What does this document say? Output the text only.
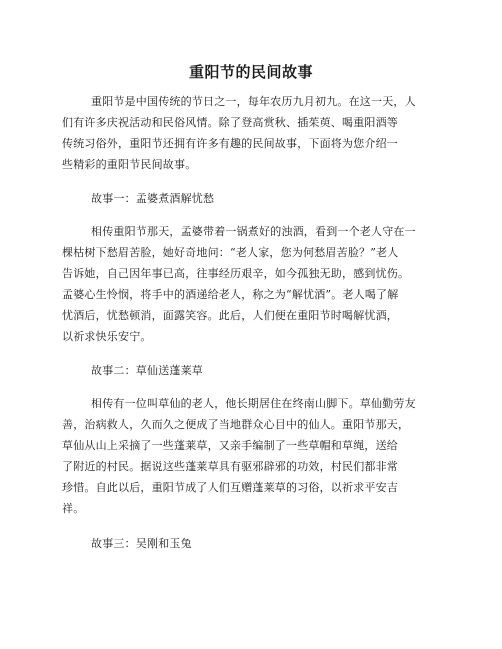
重阳节的民间故事
重阳节是中国传统的节日之一，每年农历九月初九。在这一天，人
们有许多庆祝活动和民俗风情。除了登高赏秋、插茱萸、喝重阳酒等
传统习俗外，重阳节还拥有许多有趣的民间故事，下面将为您介绍一
些精彩的重阳节民间故事。
故事一：孟婆煮酒解忧愁
相传重阳节那天，孟婆带着一锅煮好的浊酒，看到一个老人守在一
棵枯树下愁眉苦脸，她好奇地问：“老人家，您为何愁眉苦脸？”老人
告诉她，自己因年事已高，往事经历艰辛，如今孤独无助，感到忧伤。
孟婆心生怜悯，将手中的酒递给老人，称之为“解忧酒”。老人喝了解
忧酒后，忧愁顿消，面露笑容。此后，人们便在重阳节时喝解忧酒，
以祈求快乐安宁。
故事二：草仙送蓬莱草
相传有一位叫草仙的老人，他长期居住在终南山脚下。草仙勤劳友
善，治病救人，久而久之便成了当地群众心目中的仙人。重阳节那天，
草仙从山上采摘了一些蓬莱草，又亲手编制了一些草帽和草绳，送给
了附近的村民。据说这些蓬莱草具有驱邪辟邪的功效，村民们都非常
珍惜。自此以后，重阳节成了人们互赠蓬莱草的习俗，以祈求平安吉
祥。
故事三：吴刚和玉兔
